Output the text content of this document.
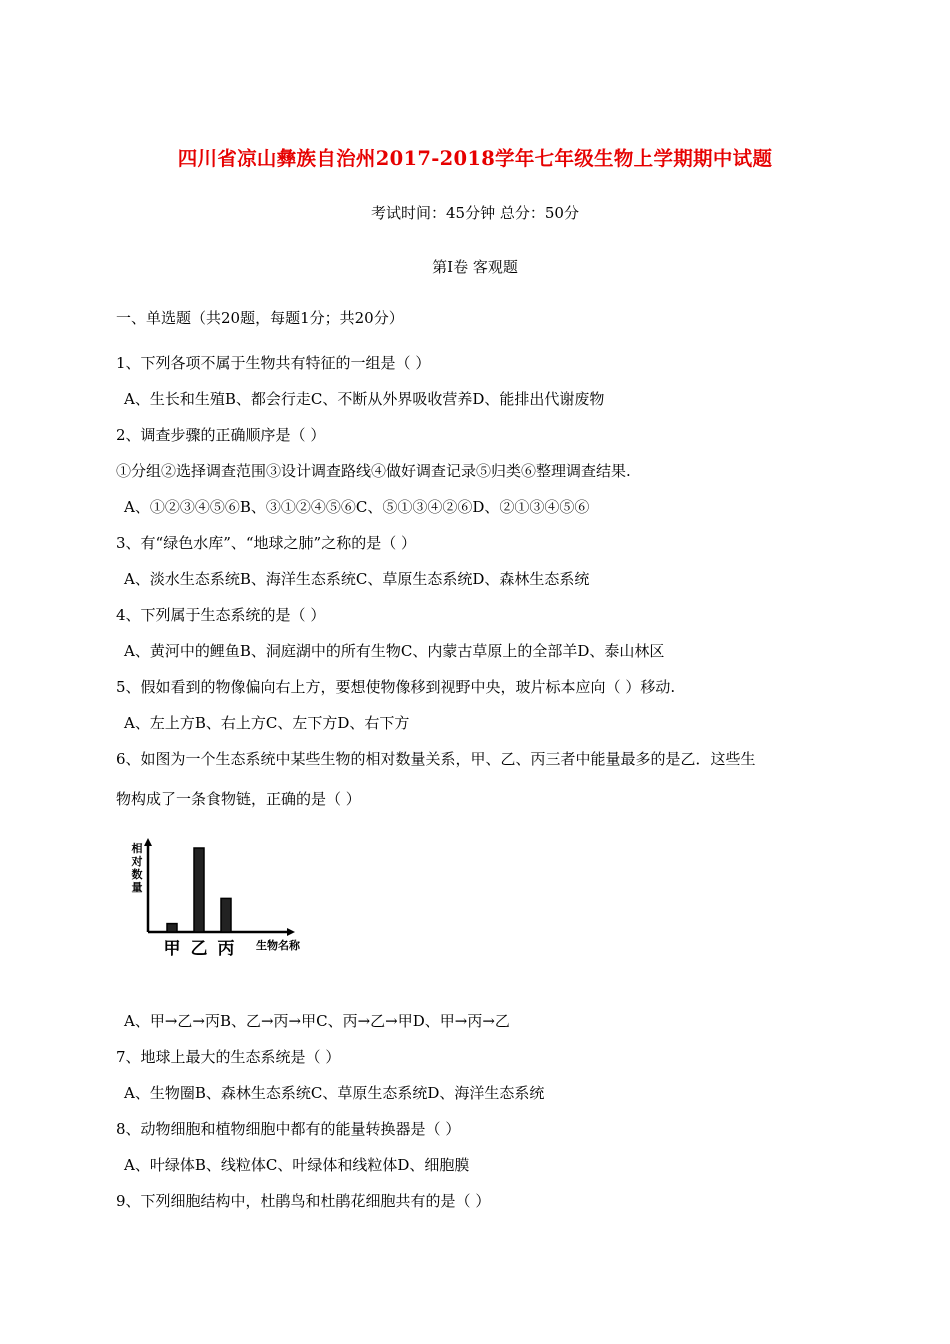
四川省凉山彝族自治州2017-2018学年七年级生物上学期期中试题
考试时间：45分钟 总分：50分
第Ⅰ卷 客观题
一、单选题（共20题，每题1分；共20分）
1、下列各项不属于生物共有特征的一组是（ ）
A、生长和生殖B、都会行走C、不断从外界吸收营养D、能排出代谢废物
2、调查步骤的正确顺序是（ ）
①分组②选择调查范围③设计调查路线④做好调查记录⑤归类⑥整理调查结果.
A、①②③④⑤⑥B、③①②④⑤⑥C、⑤①③④②⑥D、②①③④⑤⑥
3、有“绿色水库”、“地球之肺”之称的是（ ）
A、淡水生态系统B、海洋生态系统C、草原生态系统D、森林生态系统
4、下列属于生态系统的是（ ）
A、黄河中的鲤鱼B、洞庭湖中的所有生物C、内蒙古草原上的全部羊D、泰山林区
5、假如看到的物像偏向右上方，要想使物像移到视野中央，玻片标本应向（ ）移动.
A、左上方B、右上方C、左下方D、右下方
6、如图为一个生态系统中某些生物的相对数量关系，甲、乙、丙三者中能量最多的是乙．这些生
物构成了一条食物链，正确的是（ ）
相对数量
甲 乙 丙 生物名称
A、甲→乙→丙B、乙→丙→甲C、丙→乙→甲D、甲→丙→乙
7、地球上最大的生态系统是（ ）
A、生物圈B、森林生态系统C、草原生态系统D、海洋生态系统
8、动物细胞和植物细胞中都有的能量转换器是（ ）
A、叶绿体B、线粒体C、叶绿体和线粒体D、细胞膜
9、下列细胞结构中，杜鹃鸟和杜鹃花细胞共有的是（ ）
